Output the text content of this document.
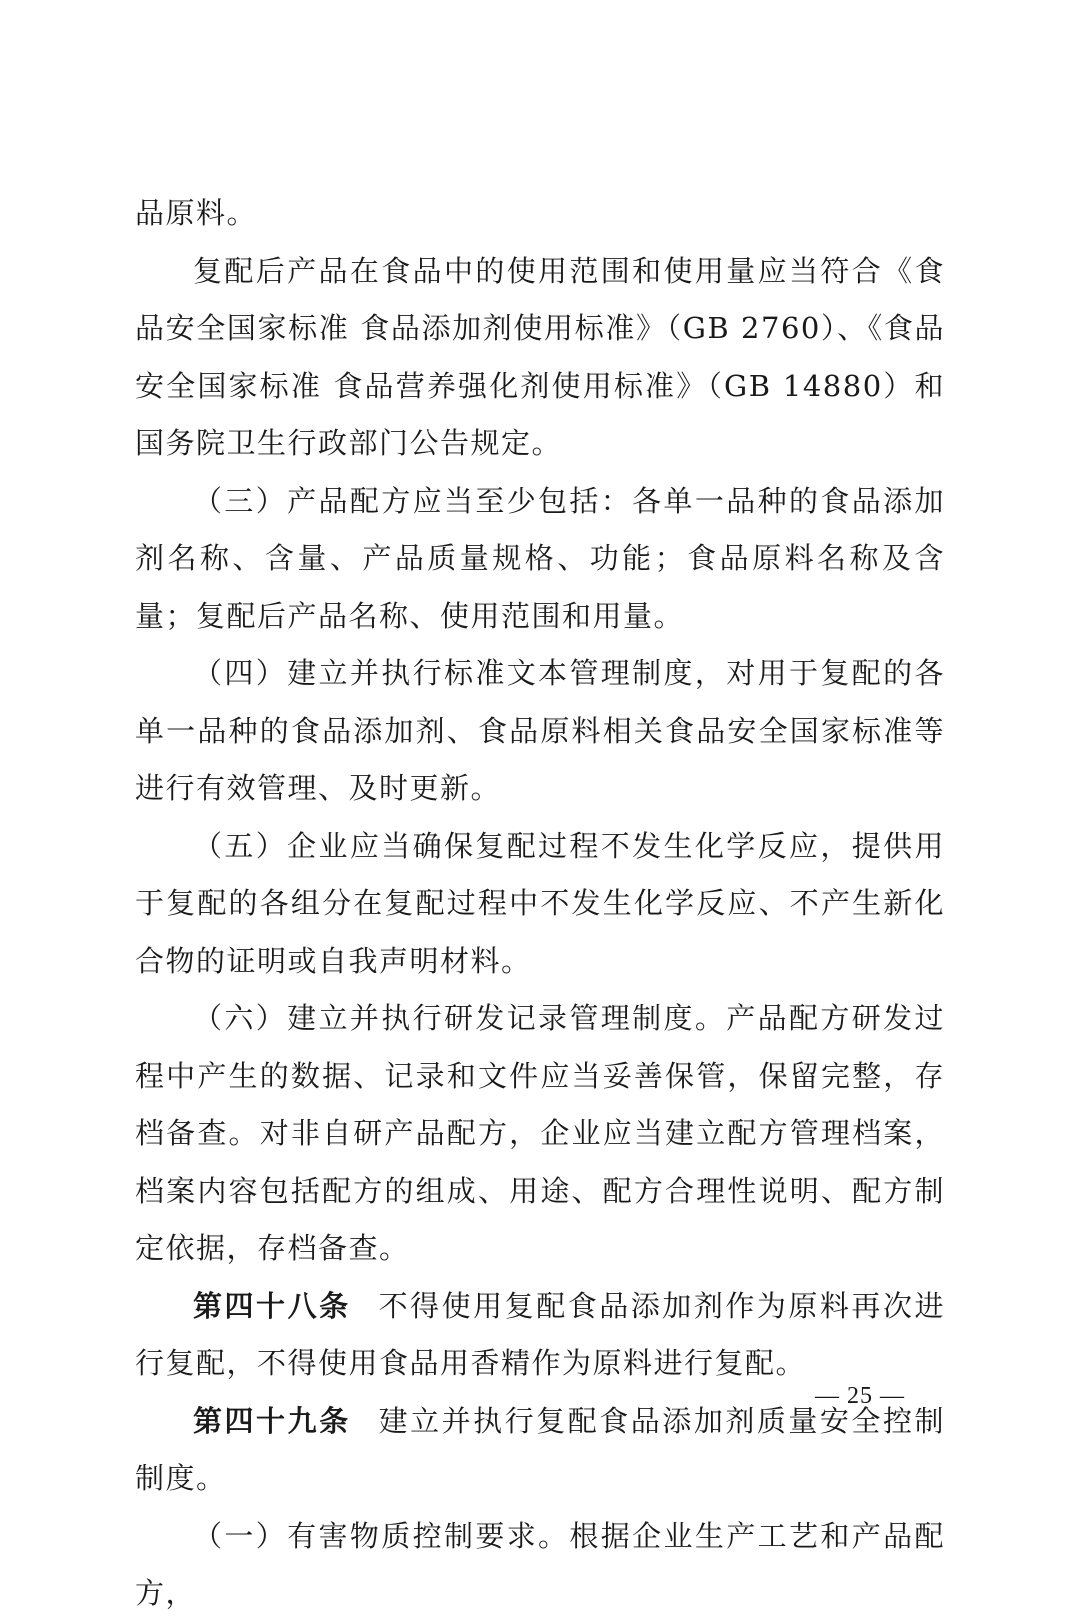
品原料。

复配后产品在食品中的使用范围和使用量应当符合《食品安全国家标准 食品添加剂使用标准》（GB 2760）、《食品安全国家标准 食品营养强化剂使用标准》（GB 14880）和国务院卫生行政部门公告规定。

（三）产品配方应当至少包括：各单一品种的食品添加剂名称、含量、产品质量规格、功能；食品原料名称及含量；复配后产品名称、使用范围和用量。

（四）建立并执行标准文本管理制度，对用于复配的各单一品种的食品添加剂、食品原料相关食品安全国家标准等进行有效管理、及时更新。

（五）企业应当确保复配过程不发生化学反应，提供用于复配的各组分在复配过程中不发生化学反应、不产生新化合物的证明或自我声明材料。

（六）建立并执行研发记录管理制度。产品配方研发过程中产生的数据、记录和文件应当妥善保管，保留完整，存档备查。对非自研产品配方，企业应当建立配方管理档案，档案内容包括配方的组成、用途、配方合理性说明、配方制定依据，存档备查。

第四十八条 不得使用复配食品添加剂作为原料再次进行复配，不得使用食品用香精作为原料进行复配。

第四十九条 建立并执行复配食品添加剂质量安全控制制度。

（一）有害物质控制要求。根据企业生产工艺和产品配方，

— 25 —
